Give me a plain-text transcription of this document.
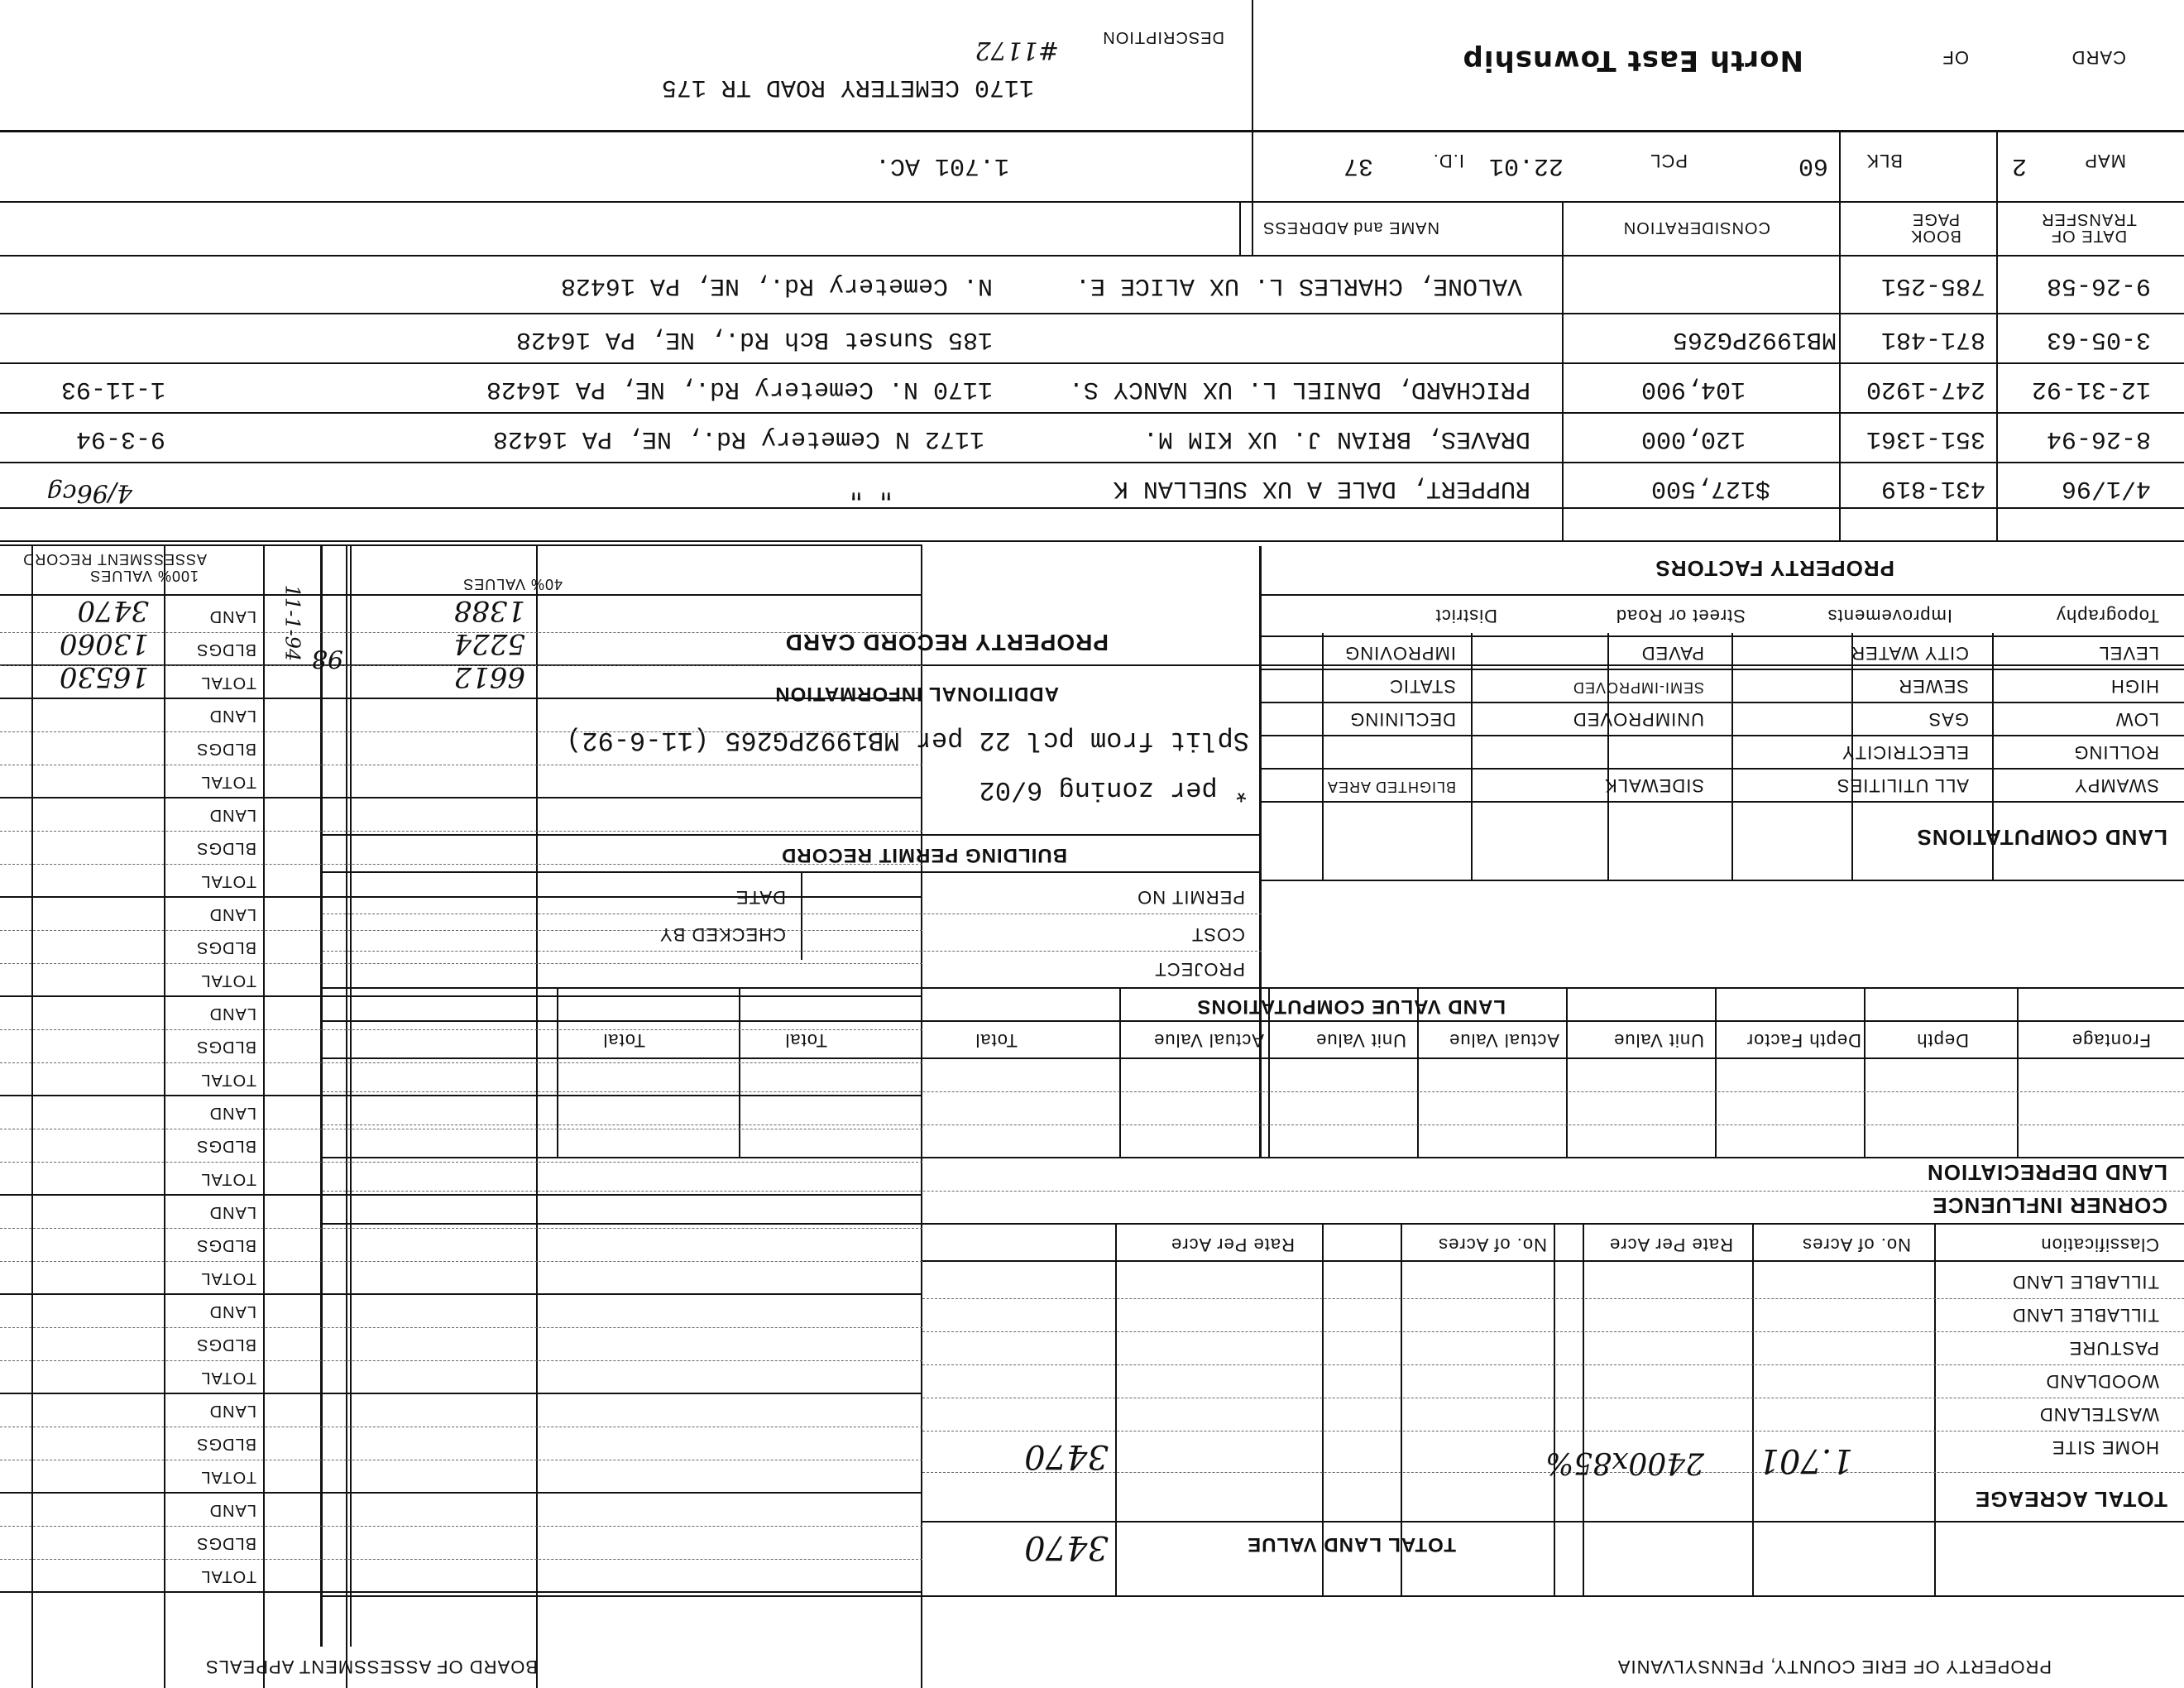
CARD
OF
North East Township
DESCRIPTION
#1172
1170 CEMETERY ROAD TR 175
MAP
2
BLK
60
PCL
22.01
I.D.
37
1.701 AC.
DATE OF TRANSFER
BOOK PAGE
CONSIDERATION
NAME and ADDRESS
9-26-58
785-251
VALONE, CHARLES L. UX ALICE E.
N. Cemetery Rd., NE, PA 16428
3-05-63
871-481
MB1992PG265
185 Sunset Bch Rd., NE, PA 16428
12-31-92
247-1920
104,900
PRICHARD, DANIEL L. UX NANCY S.
1170 N. Cemetery Rd., NE, PA 16428
1-11-93
8-26-94
351-1361
120,000
DRAVES, BRIAN J. UX KIM M.
1172 N Cemetery Rd., NE, PA 16428
9-3-94
4/1/96
431-819
$127,500
RUPPERT, DALE A UX SUELLAN K
" "
4/96cg
PROPERTY FACTORS
Topography
Improvements
Street or Road
District
LEVEL
HIGH
LOW
ROLLING
SWAMPY
CITY WATER
SEWER
GAS
ELECTRICITY
ALL UTILITIES
PAVED
SEMI-IMPROVED
UNIMPROVED
SIDEWALK
IMPROVING
STATIC
DECLINING
BLIGHTED AREA
LAND COMPUTATIONS
PROPERTY RECORD CARD
ADDITIONAL INFORMATION
Split from pcl 22 per MB1992PG265 (11-6-92)
* per zoning 6/02
BUILDING PERMIT RECORD
PERMIT NO
DATE
COST
CHECKED BY
PROJECT
LAND VALUE COMPUTATIONS
Frontage
Depth
Depth Factor
Unit Value
Actual Value
Unit Value
Actual Value
Total
Total
Total
LAND DEPRECIATION
CORNER INFLUENCE
Classification
No. of Acres
Rate Per Acre
No. of Acres
Rate Per Acre
TILLABLE LAND
TILLABLE LAND
PASTURE
WOODLAND
WASTELAND
HOME SITE
1.701
2400x85%
3470
TOTAL ACREAGE
TOTAL LAND VALUE
3470
40% VALUES
100% VALUES
ASSESSMENT RECORD
LAND
BLDGS
TOTAL
LAND
BLDGS
TOTAL
LAND
BLDGS
TOTAL
LAND
BLDGS
TOTAL
LAND
BLDGS
TOTAL
LAND
BLDGS
TOTAL
LAND
BLDGS
TOTAL
LAND
BLDGS
TOTAL
LAND
BLDGS
TOTAL
LAND
BLDGS
TOTAL
1388
5224
6612
98
11-1-94
3470
13060
16530
PROPERTY OF ERIE COUNTY, PENNSYLVANIA
BOARD OF ASSESSMENT APPEALS
